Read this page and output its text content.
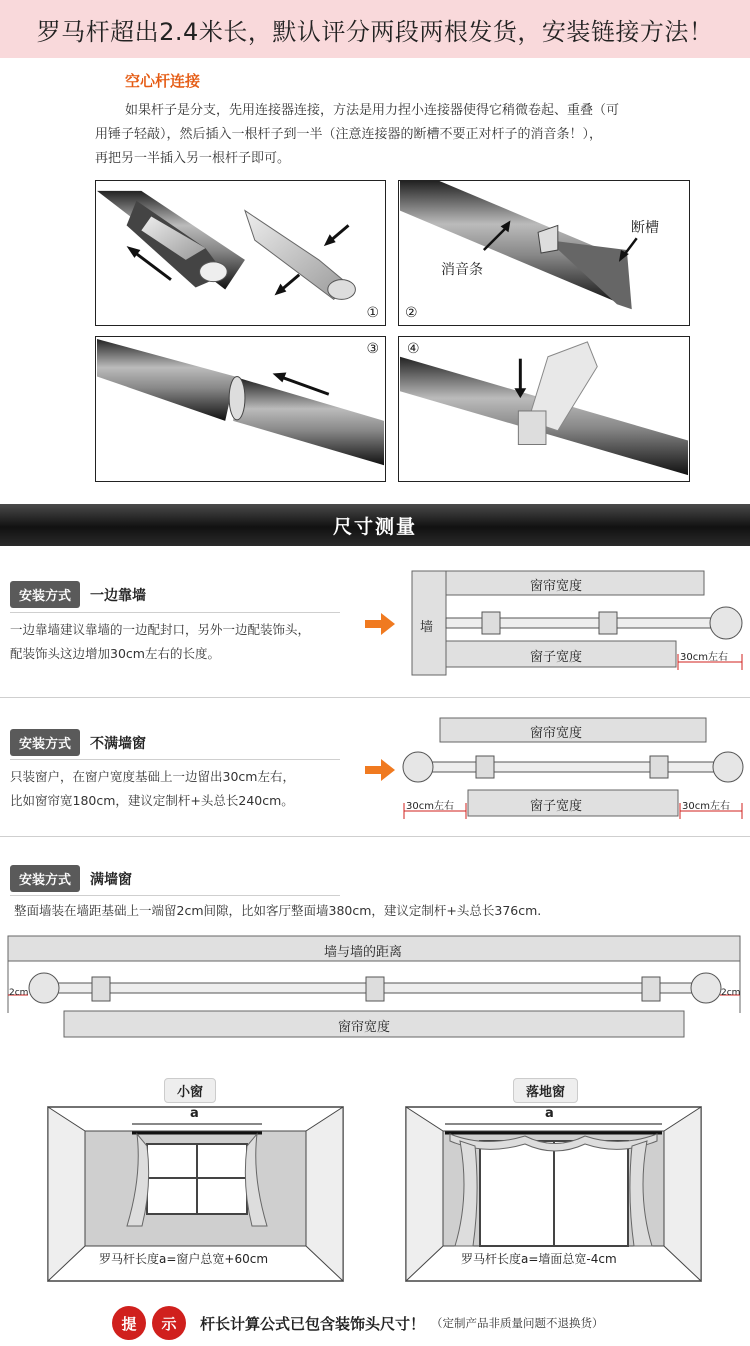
罗马杆超出2.4米长，默认评分两段两根发货，安装链接方法！
空心杆连接
如果杆子是分支，先用连接器连接，方法是用力捏小连接器使得它稍微卷起、重叠（可
用锤子轻敲），然后插入一根杆子到一半（注意连接器的断槽不要正对杆子的消音条！），
再把另一半插入另一根杆子即可。
①
消音条
断槽
②
③ ④
尺寸测量
安装方式	一边靠墙
一边靠墙建议靠墙的一边配封口，另外一边配装饰头，
配装饰头这边增加30cm左右的长度。
墙
窗帘宽度
窗子宽度	30cm左右
安装方式	不满墙窗
只装窗户，在窗户宽度基础上一边留出30cm左右，
比如窗帘宽180cm，建议定制杆+头总长240cm。
窗帘宽度
窗子宽度
30cm左右	30cm左右
安装方式	满墙窗
整面墙装在墙距基础上一端留2cm间隙，比如客厅整面墙380cm，建议定制杆+头总长376cm.
墙与墙的距离
窗帘宽度
2cm	2cm
小窗	落地窗
a
罗马杆长度a=窗户总宽+60cm
a
罗马杆长度a=墙面总宽-4cm
提	示	杆长计算公式已包含装饰头尺寸！ （定制产品非质量问题不退换货）
